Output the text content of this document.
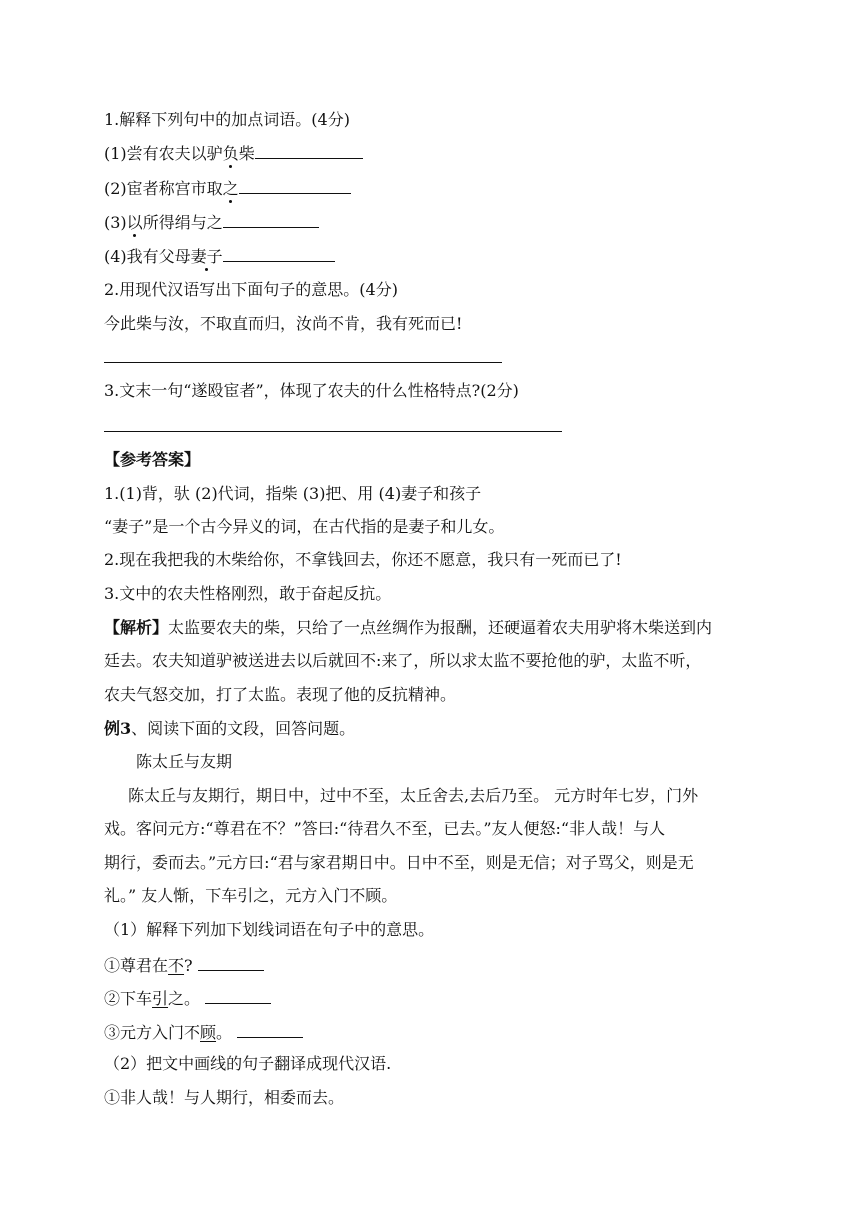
1.解释下列句中的加点词语。(4分)
(1)尝有农夫以驴负柴
(2)宦者称宫市取之
(3)以所得绢与之
(4)我有父母妻子
2.用现代汉语写出下面句子的意思。(4分)
今此柴与汝，不取直而归，汝尚不肯，我有死而已!
3.文末一句“遂殴宦者”，体现了农夫的什么性格特点?(2分)
【参考答案】
1.(1)背，驮 (2)代词，指柴 (3)把、用 (4)妻子和孩子
“妻子”是一个古今异义的词，在古代指的是妻子和儿女。
2.现在我把我的木柴给你，不拿钱回去，你还不愿意，我只有一死而已了!
3.文中的农夫性格刚烈，敢于奋起反抗。
【解析】太监要农夫的柴，只给了一点丝绸作为报酬，还硬逼着农夫用驴将木柴送到内
廷去。农夫知道驴被送进去以后就回不:来了，所以求太监不要抢他的驴，太监不听，
农夫气怒交加，打了太监。表现了他的反抗精神。
例3、阅读下面的文段，回答问题。
陈太丘与友期
陈太丘与友期行，期日中，过中不至，太丘舍去,去后乃至。 元方时年七岁，门外
戏。客问元方:“尊君在不？”答曰:“待君久不至，已去。”友人便怒:“非人哉！与人
期行，委而去。”元方曰:“君与家君期日中。日中不至，则是无信；对子骂父，则是无
礼。” 友人惭，下车引之，元方入门不顾。
（1）解释下列加下划线词语在句子中的意思。
①尊君在不?
②下车引之。
③元方入门不顾。
（2）把文中画线的句子翻译成现代汉语.
①非人哉！与人期行，相委而去。
